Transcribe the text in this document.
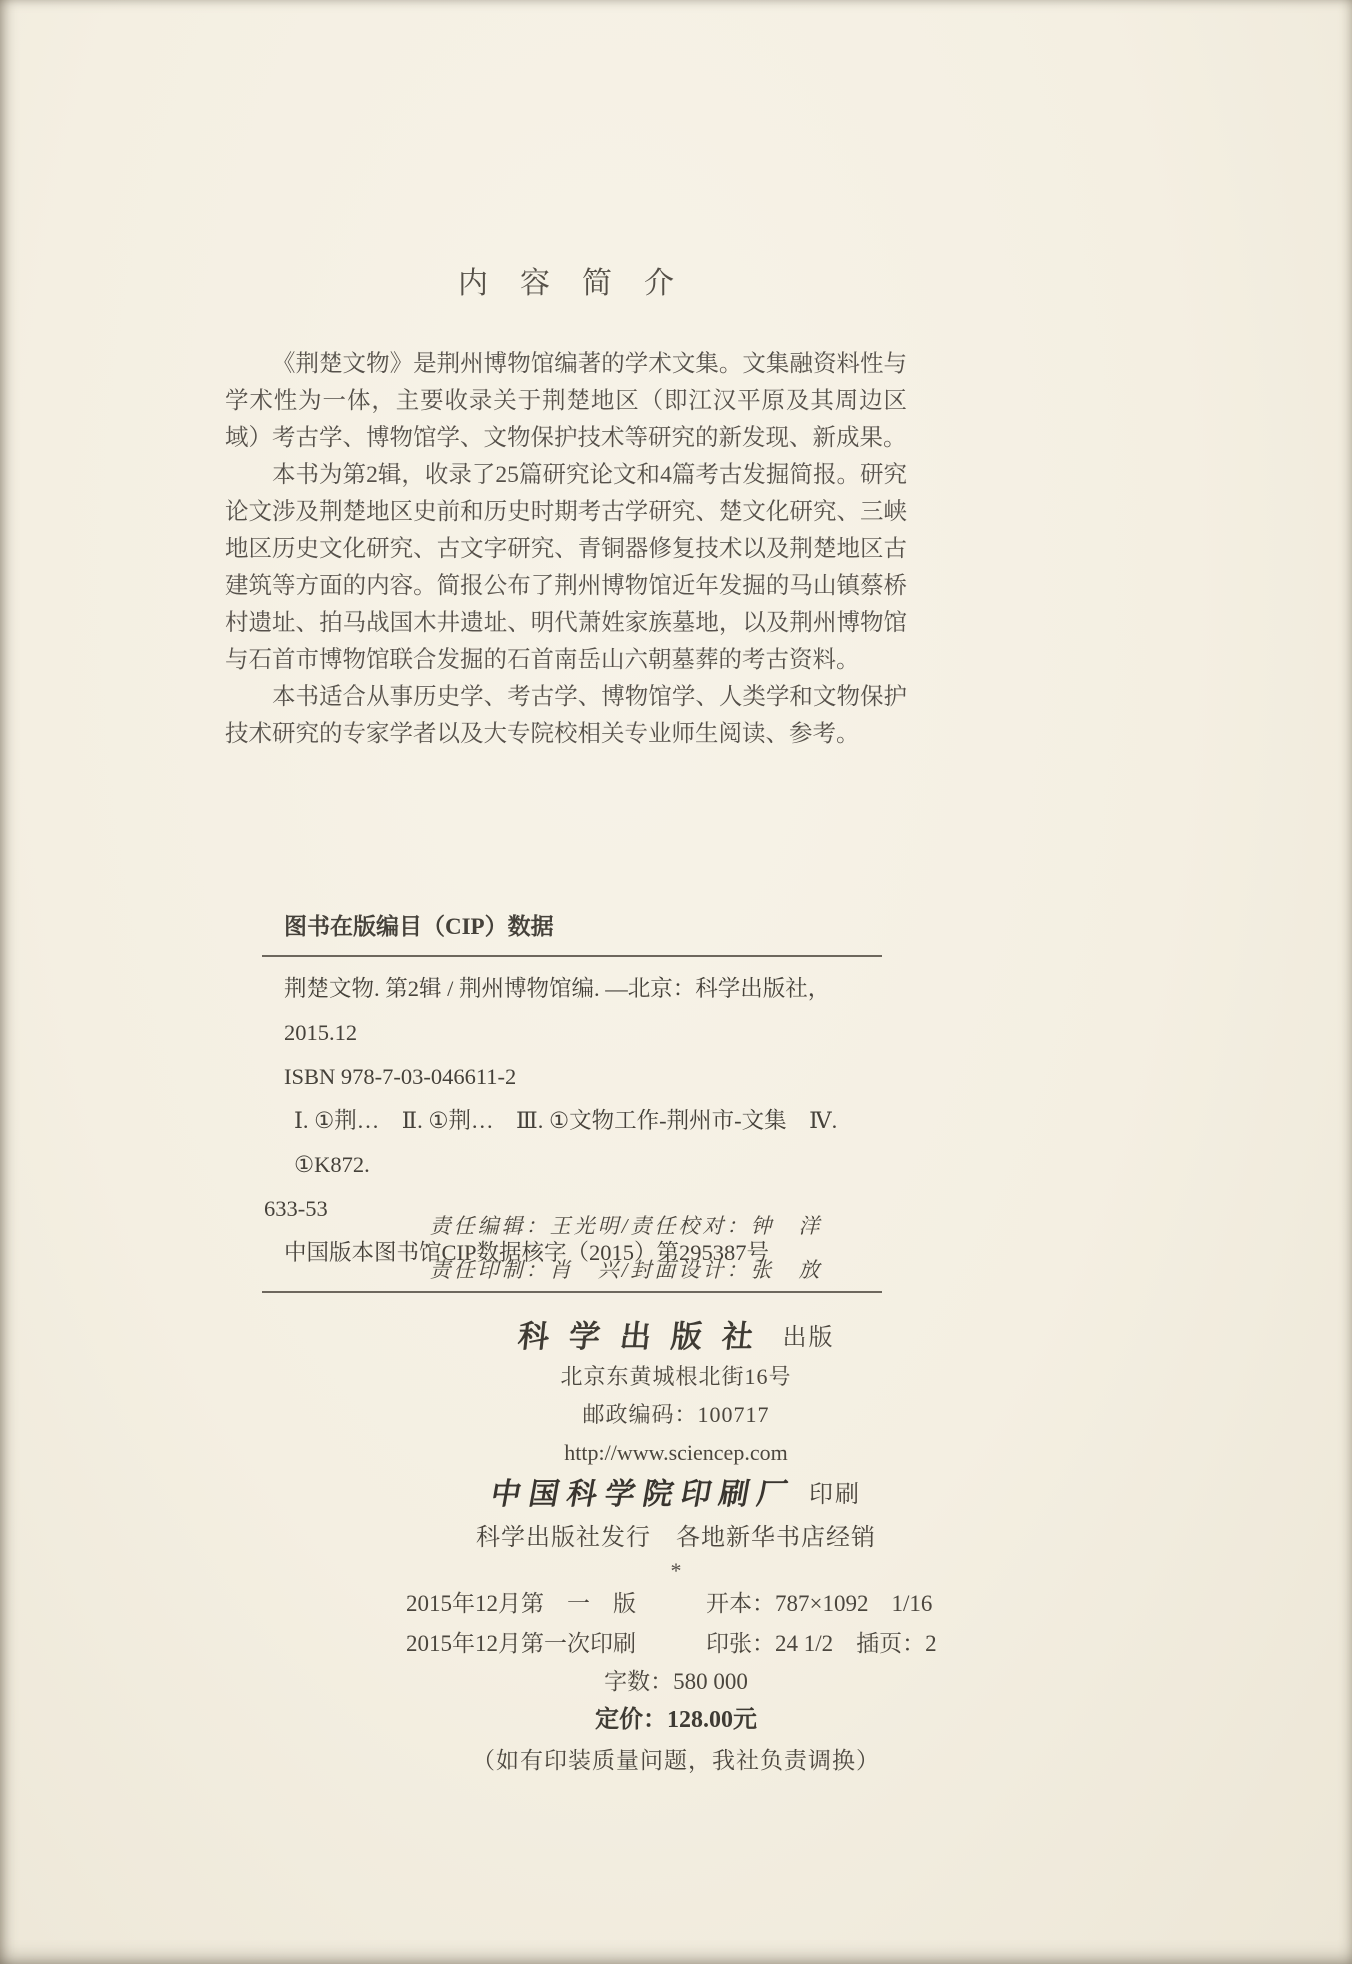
内容简介

《荆楚文物》是荆州博物馆编著的学术文集。文集融资料性与学术性为一体，主要收录关于荆楚地区（即江汉平原及其周边区域）考古学、博物馆学、文物保护技术等研究的新发现、新成果。

本书为第2辑，收录了25篇研究论文和4篇考古发掘简报。研究论文涉及荆楚地区史前和历史时期考古学研究、楚文化研究、三峡地区历史文化研究、古文字研究、青铜器修复技术以及荆楚地区古建筑等方面的内容。简报公布了荆州博物馆近年发掘的马山镇蔡桥村遗址、拍马战国木井遗址、明代萧姓家族墓地，以及荆州博物馆与石首市博物馆联合发掘的石首南岳山六朝墓葬的考古资料。

本书适合从事历史学、考古学、博物馆学、人类学和文物保护技术研究的专家学者以及大专院校相关专业师生阅读、参考。

图书在版编目（CIP）数据

荆楚文物. 第2辑 / 荆州博物馆编. —北京：科学出版社，2015.12

ISBN 978-7-03-046611-2

Ⅰ. ①荆…　Ⅱ. ①荆…　Ⅲ. ①文物工作-荆州市-文集　Ⅳ. ①K872.

633-53

中国版本图书馆CIP数据核字（2015）第295387号

责任编辑：王光明/责任校对：钟　洋
责任印制：肖　兴/封面设计：张　放
科学出版社 出版
北京东黄城根北街16号
邮政编码：100717
http://www.sciencep.com
中国科学院印刷厂 印刷
科学出版社发行　各地新华书店经销
*
2015年12月第　一　版	开本：787×1092　1/16
2015年12月第一次印刷	印张：24 1/2　插页：2
字数：580 000
定价：128.00元
（如有印装质量问题，我社负责调换）
